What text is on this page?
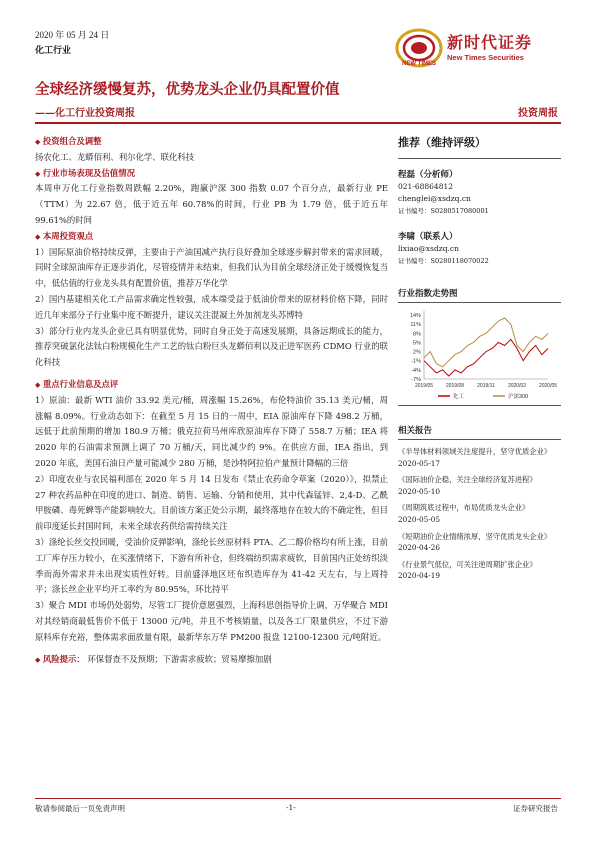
2020 年 05 月 24 日
化工行业
NEW TIMES
新时代证券
New Times Securities
全球经济缓慢复苏，优势龙头企业仍具配置价值
——化工行业投资周报	投资周报
◆ 投资组合及调整
扬农化工、龙蟒佰利、利尔化学、联化科技
◆ 行业市场表现及估值情况
本周申万化工行业指数周跌幅 2.20%，跑赢沪深 300 指数 0.07 个百分点，最新行业 PE（TTM）为 22.67 倍，低于近五年 60.78%的时间，行业 PB 为 1.79 倍，低于近五年 99.61%的时间
◆ 本周投资观点
1）国际原油价格持续反弹，主要由于产油国减产执行良好叠加全球逐步解封带来的需求回暖，同时全球原油库存正逐步消化，尽管疫情并未结束，但我们认为目前全球经济正处于缓慢恢复当中，低估值的行业龙头具有配置价值，推荐万华化学
2）国内基建相关化工产品需求确定性较强，成本端受益于低油价带来的原材料价格下降，同时近几年来部分子行业集中度不断提升，建议关注混凝土外加剂龙头苏博特
3）部分行业内龙头企业已具有明显优势，同时自身正处于高速发展期，具备远期成长的能力，推荐突破氯化法钛白粉规模化生产工艺的钛白粉巨头龙蟒佰利以及正进军医药 CDMO 行业的联化科技
◆ 重点行业信息及点评
1）原油：最新 WTI 油价 33.92 美元/桶，周涨幅 15.26%，布伦特油价 35.13 美元/桶，周涨幅 8.09%。行业动态如下：在截至 5 月 15 日的一周中，EIA 原油库存下降 498.2 万桶，远低于此前预期的增加 180.9 万桶；俄克拉荷马州库欣原油库存下降了 558.7 万桶；IEA 将 2020 年的石油需求预测上调了 70 万桶/天，同比减少约 9%。在供应方面，IEA 指出，到 2020 年底，美国石油日产量可能减少 280 万桶，是沙特阿拉伯产量预计降幅的三倍
2）印度农业与农民福利部在 2020 年 5 月 14 日发布《禁止农药命令草案（2020）》，拟禁止 27 种农药品种在印度的进口、制造、销售、运输、分销和使用，其中代森锰锌、2,4-D、乙酰甲胺磷、毒死蜱等产能影响较大。目前该方案正处公示期，最终落地存在较大的不确定性，但目前印度延长封国时间，未来全球农药供给需持续关注
3）涤纶长丝交投回暖，受油价反弹影响，涤纶长丝原材料 PTA、乙二醇价格均有所上涨，目前工厂库存压力较小，在买涨情绪下，下游有所补仓，但终端纺织需求疲软，目前国内正处纺织淡季而海外需求并未出现实质性好转。目前盛泽地区坯布织造库存为 41-42 天左右，与上周持平；涤长丝企业平均开工率约为 80.95%，环比持平
3）聚合 MDI 市场仍处弱势，尽管工厂提价意愿强烈，上海科思创指导价上调，万华聚合 MDI 对其经销商最低售价不低于 13000 元/吨，并且不考核销量，以及各工厂限量供应，不过下游原料库存充裕，整体需求面放量有限，最新华东万华 PM200 报盘 12100-12300 元/吨附近。
◆ 风险提示： 环保督查不及预期；下游需求疲软；贸易摩擦加剧
推荐（维持评级）
程磊（分析师）
021-68864812
chenglei@xsdzq.cn
证书编号：S0280517080001
李啸（联系人）
lixiao@xsdzq.cn
证书编号：S0280118070022
行业指数走势图
14%
11%
8%
5%
2%
-1%
-4%
-7%
2019/05	2019/08	2019/11	2020/02	2020/05
化工	沪深300
相关报告
《半导体材料领域关注度提升，坚守优质企业》
2020-05-17
《国际油价企稳，关注全球经济复苏进程》
2020-05-10
《周期筑底过程中，布局优质龙头企业》
2020-05-05
《短期油价企业情绪浓厚，坚守优质龙头企业》
2020-04-26
《行业景气低位，可关注逆周期扩张企业》
2020-04-19
敬请参阅最后一页免责声明	-1-	证券研究报告
